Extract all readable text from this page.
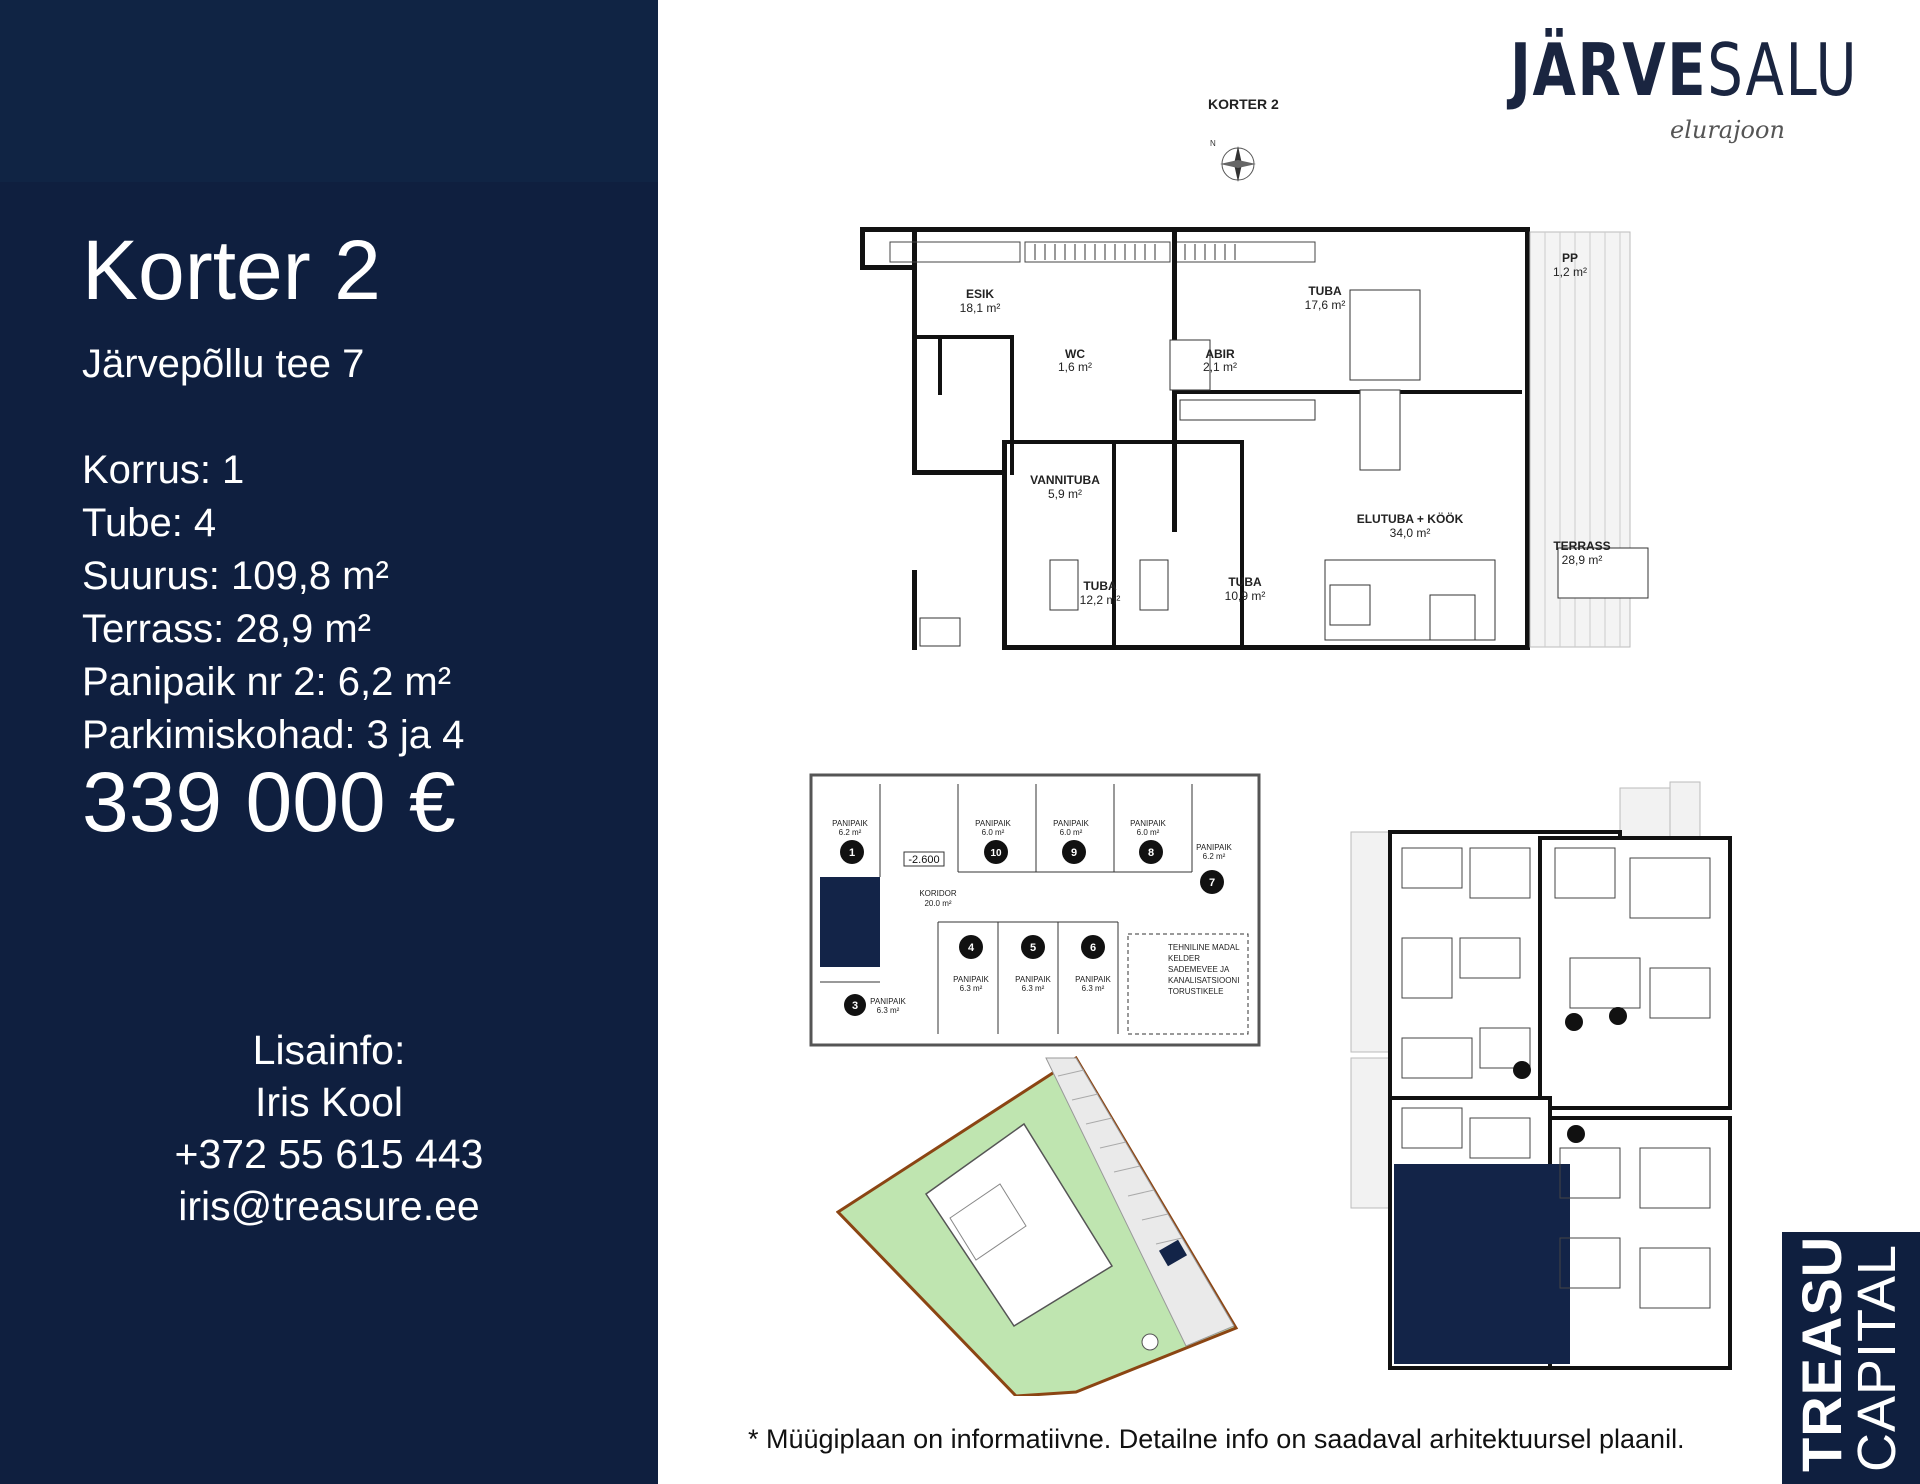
Korter 2
Järvepõllu tee 7
Korrus: 1
Tube: 4
Suurus: 109,8 m²
Terrass: 28,9 m²
Panipaik nr 2: 6,2 m²
Parkimiskohad: 3 ja 4
339 000 €
Lisainfo:
Iris Kool
+372 55 615 443
iris@treasure.ee
JÄRVESALU
elurajoon
KORTER 2
N
ESIK
18,1 m²
TUBA
17,6 m²
PP
1,2 m²
ABIR
2,1 m²
WC
1,6 m²
VANNITUBA
5,9 m²
ELUTUBA + KÖÖK
34,0 m²
TERRASS
28,9 m²
TUBA
12,2 m²
TUBA
10,9 m²
-2.600
KORIDOR
20.0 m²
PANIPAIK
6.2 m²
1
PANIPAIK
6.0 m²
10
PANIPAIK
6.0 m²
9
PANIPAIK
6.0 m²
8	PANIPAIK
6.2 m²
7
4
PANIPAIK
6.3 m²
5
PANIPAIK
6.3 m²
6
PANIPAIK
6.3 m²
3 PANIPAIK
6.3 m²
TEHNILINE MADAL
KELDER
SADEMEVEE JA
KANALISATSIOONI
TORUSTIKELE
* Müügiplaan on informatiivne. Detailne info on saadaval arhitektuursel plaanil. TREASURE
CAPITAL
